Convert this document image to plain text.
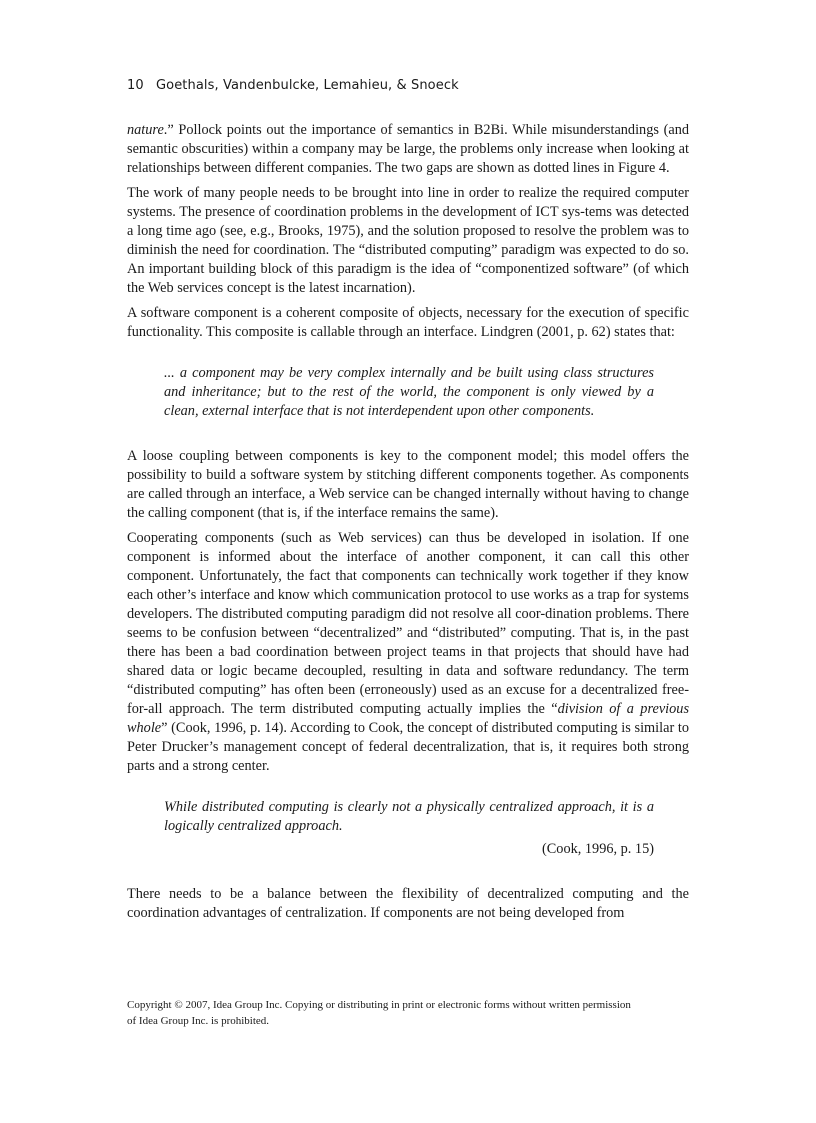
10 Goethals, Vandenbulcke, Lemahieu, & Snoeck

nature.” Pollock points out the importance of semantics in B2Bi. While misunderstandings (and semantic obscurities) within a company may be large, the problems only increase when looking at relationships between different companies. The two gaps are shown as dotted lines in Figure 4.

The work of many people needs to be brought into line in order to realize the required computer systems. The presence of coordination problems in the development of ICT sys-tems was detected a long time ago (see, e.g., Brooks, 1975), and the solution proposed to resolve the problem was to diminish the need for coordination. The “distributed computing” paradigm was expected to do so. An important building block of this paradigm is the idea of “componentized software” (of which the Web services concept is the latest incarnation).

A software component is a coherent composite of objects, necessary for the execution of specific functionality. This composite is callable through an interface. Lindgren (2001, p. 62) states that:

... a component may be very complex internally and be built using class structures and inheritance; but to the rest of the world, the component is only viewed by a clean, external interface that is not interdependent upon other components.

A loose coupling between components is key to the component model; this model offers the possibility to build a software system by stitching different components together. As components are called through an interface, a Web service can be changed internally without having to change the calling component (that is, if the interface remains the same).

Cooperating components (such as Web services) can thus be developed in isolation. If one component is informed about the interface of another component, it can call this other component. Unfortunately, the fact that components can technically work together if they know each other’s interface and know which communication protocol to use works as a trap for systems developers. The distributed computing paradigm did not resolve all coor-dination problems. There seems to be confusion between “decentralized” and “distributed” computing. That is, in the past there has been a bad coordination between project teams in that projects that should have had shared data or logic became decoupled, resulting in data and software redundancy. The term “distributed computing” has often been (erroneously) used as an excuse for a decentralized free-for-all approach. The term distributed computing actually implies the “division of a previous whole” (Cook, 1996, p. 14). According to Cook, the concept of distributed computing is similar to Peter Drucker’s management concept of federal decentralization, that is, it requires both strong parts and a strong center.

While distributed computing is clearly not a physically centralized approach, it is a logically centralized approach.

(Cook, 1996, p. 15)

There needs to be a balance between the flexibility of decentralized computing and the coordination advantages of centralization. If components are not being developed from

Copyright © 2007, Idea Group Inc. Copying or distributing in print or electronic forms without written permission
of Idea Group Inc. is prohibited.
